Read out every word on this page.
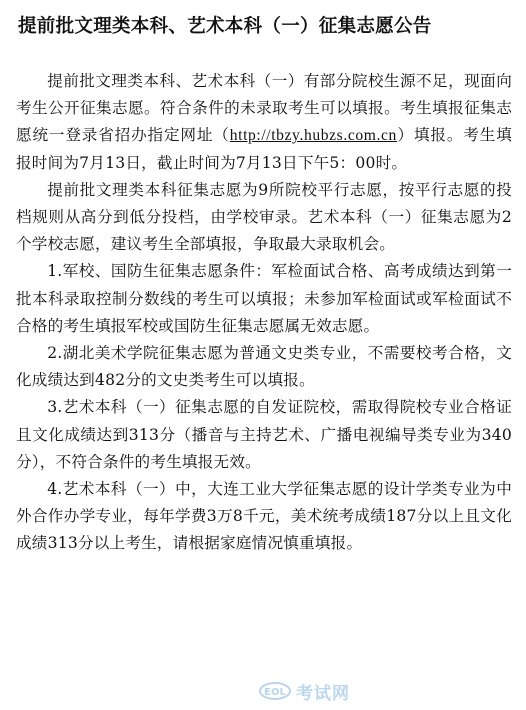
提前批文理类本科、艺术本科（一）征集志愿公告

提前批文理类本科、艺术本科（一）有部分院校生源不足，现面向考生公开征集志愿。符合条件的未录取考生可以填报。考生填报征集志愿统一登录省招办指定网址（http://tbzy.hubzs.com.cn）填报。考生填报时间为7月13日，截止时间为7月13日下午5：00时。

提前批文理类本科征集志愿为9所院校平行志愿，按平行志愿的投档规则从高分到低分投档，由学校审录。艺术本科（一）征集志愿为2个学校志愿，建议考生全部填报，争取最大录取机会。

1.军校、国防生征集志愿条件：军检面试合格、高考成绩达到第一批本科录取控制分数线的考生可以填报；未参加军检面试或军检面试不合格的考生填报军校或国防生征集志愿属无效志愿。

2.湖北美术学院征集志愿为普通文史类专业，不需要校考合格，文化成绩达到482分的文史类考生可以填报。

3.艺术本科（一）征集志愿的自发证院校，需取得院校专业合格证且文化成绩达到313分（播音与主持艺术、广播电视编导类专业为340分），不符合条件的考生填报无效。

4.艺术本科（一）中，大连工业大学征集志愿的设计学类专业为中外合作办学专业，每年学费3万8千元，美术统考成绩187分以上且文化成绩313分以上考生，请根据家庭情况慎重填报。

EOL 考试网
